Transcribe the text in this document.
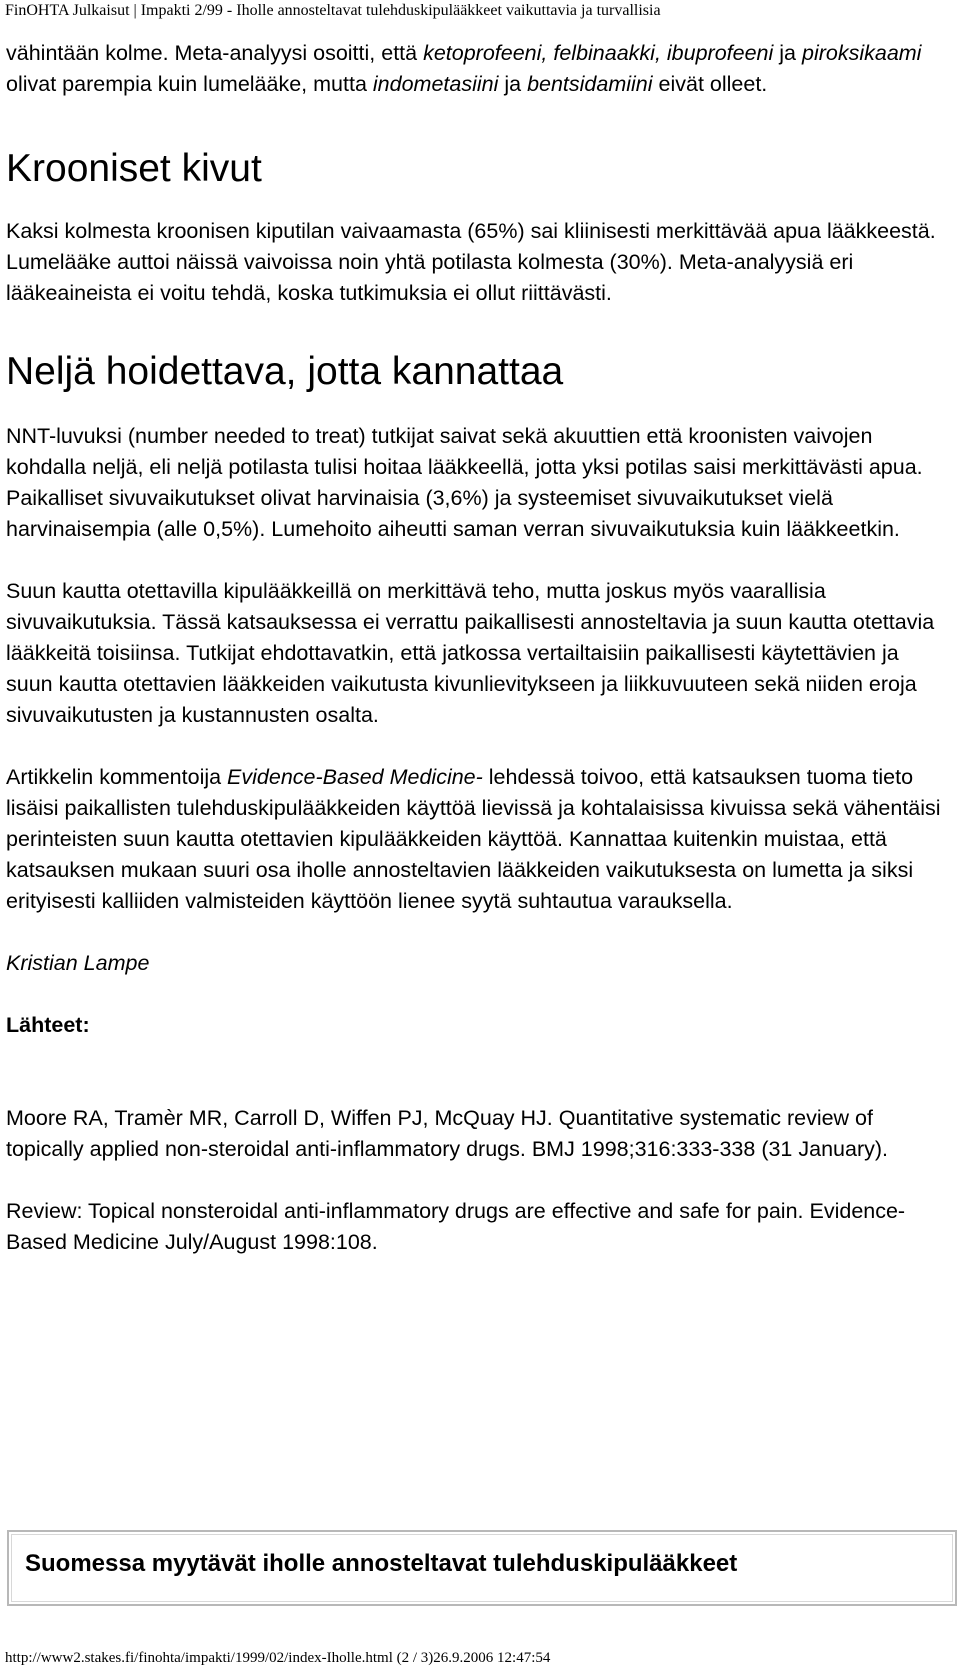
FinOHTA Julkaisut | Impakti 2/99 - Iholle annosteltavat tulehduskipulääkkeet vaikuttavia ja turvallisia

vähintään kolme. Meta-analyysi osoitti, että ketoprofeeni, felbinaakki, ibuprofeeni ja piroksikaami olivat parempia kuin lumelääke, mutta indometasiini ja bentsidamiini eivät olleet.

Krooniset kivut

Kaksi kolmesta kroonisen kiputilan vaivaamasta (65%) sai kliinisesti merkittävää apua lääkkeestä. Lumelääke auttoi näissä vaivoissa noin yhtä potilasta kolmesta (30%). Meta-analyysiä eri lääkeaineista ei voitu tehdä, koska tutkimuksia ei ollut riittävästi.

Neljä hoidettava, jotta kannattaa

NNT-luvuksi (number needed to treat) tutkijat saivat sekä akuuttien että kroonisten vaivojen kohdalla neljä, eli neljä potilasta tulisi hoitaa lääkkeellä, jotta yksi potilas saisi merkittävästi apua. Paikalliset sivuvaikutukset olivat harvinaisia (3,6%) ja systeemiset sivuvaikutukset vielä harvinaisempia (alle 0,5%). Lumehoito aiheutti saman verran sivuvaikutuksia kuin lääkkeetkin.

Suun kautta otettavilla kipulääkkeillä on merkittävä teho, mutta joskus myös vaarallisia sivuvaikutuksia. Tässä katsauksessa ei verrattu paikallisesti annosteltavia ja suun kautta otettavia lääkkeitä toisiinsa. Tutkijat ehdottavatkin, että jatkossa vertailtaisiin paikallisesti käytettävien ja suun kautta otettavien lääkkeiden vaikutusta kivunlievitykseen ja liikkuvuuteen sekä niiden eroja sivuvaikutusten ja kustannusten osalta.

Artikkelin kommentoija Evidence-Based Medicine- lehdessä toivoo, että katsauksen tuoma tieto lisäisi paikallisten tulehduskipulääkkeiden käyttöä lievissä ja kohtalaisissa kivuissa sekä vähentäisi perinteisten suun kautta otettavien kipulääkkeiden käyttöä. Kannattaa kuitenkin muistaa, että katsauksen mukaan suuri osa iholle annosteltavien lääkkeiden vaikutuksesta on lumetta ja siksi erityisesti kalliiden valmisteiden käyttöön lienee syytä suhtautua varauksella.

Kristian Lampe

Lähteet:

Moore RA, Tramèr MR, Carroll D, Wiffen PJ, McQuay HJ. Quantitative systematic review of topically applied non-steroidal anti-inflammatory drugs. BMJ 1998;316:333-338 (31 January).

Review: Topical nonsteroidal anti-inflammatory drugs are effective and safe for pain. Evidence-Based Medicine July/August 1998:108.

Suomessa myytävät iholle annosteltavat tulehduskipulääkkeet
http://www2.stakes.fi/finohta/impakti/1999/02/index-Iholle.html (2 / 3)26.9.2006 12:47:54
